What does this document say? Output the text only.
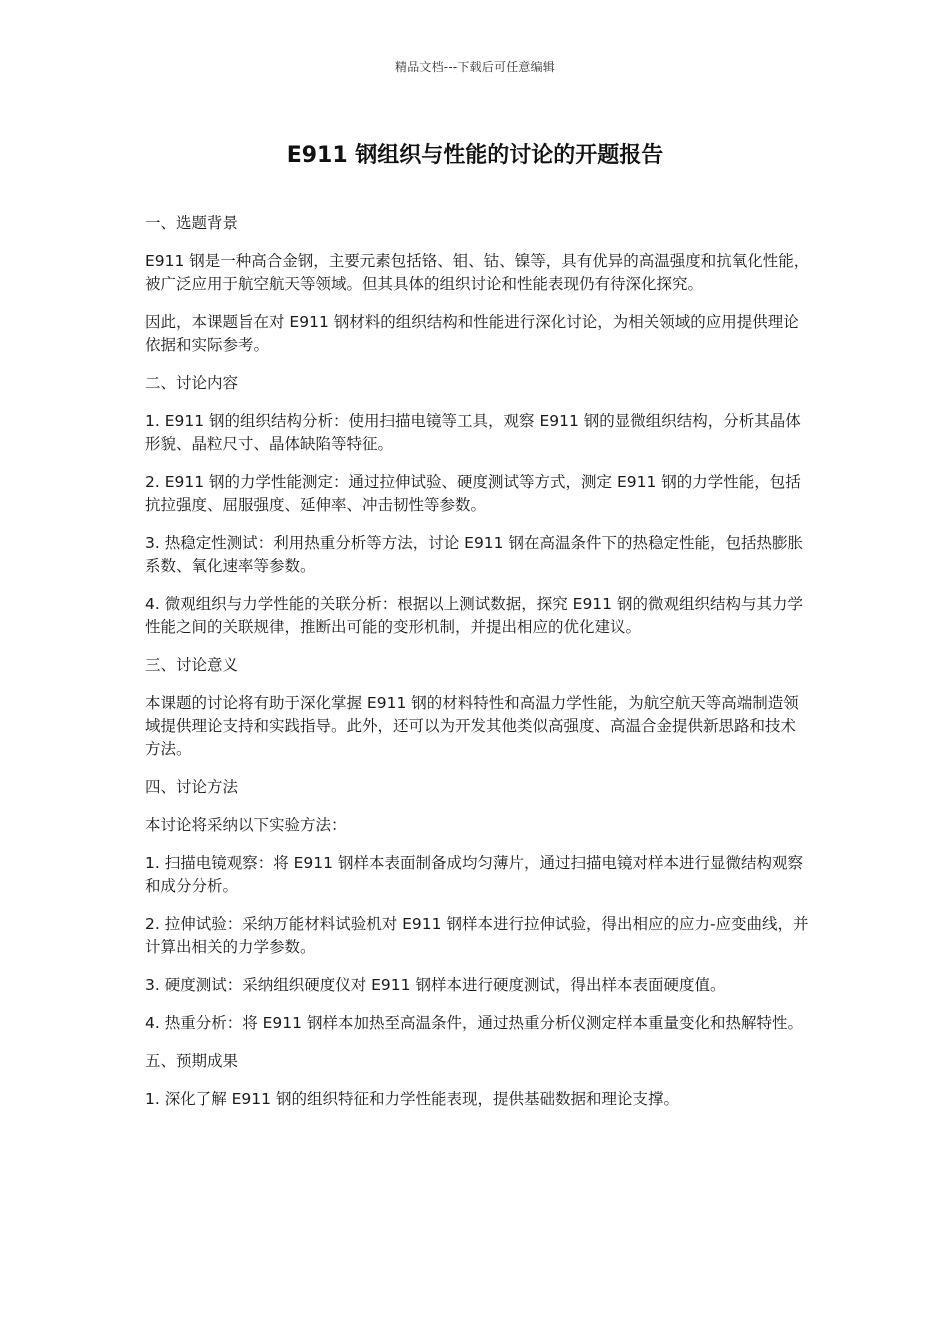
精品文档---下载后可任意编辑
E911 钢组织与性能的讨论的开题报告

一、选题背景

E911 钢是一种高合金钢，主要元素包括铬、钼、钴、镍等，具有优异的高温强度和抗氧化性能，被广泛应用于航空航天等领域。但其具体的组织讨论和性能表现仍有待深化探究。

因此，本课题旨在对 E911 钢材料的组织结构和性能进行深化讨论，为相关领域的应用提供理论依据和实际参考。

二、讨论内容

1. E911 钢的组织结构分析：使用扫描电镜等工具，观察 E911 钢的显微组织结构，分析其晶体形貌、晶粒尺寸、晶体缺陷等特征。

2. E911 钢的力学性能测定：通过拉伸试验、硬度测试等方式，测定 E911 钢的力学性能，包括抗拉强度、屈服强度、延伸率、冲击韧性等参数。

3. 热稳定性测试：利用热重分析等方法，讨论 E911 钢在高温条件下的热稳定性能，包括热膨胀系数、氧化速率等参数。

4. 微观组织与力学性能的关联分析：根据以上测试数据，探究 E911 钢的微观组织结构与其力学性能之间的关联规律，推断出可能的变形机制，并提出相应的优化建议。

三、讨论意义

本课题的讨论将有助于深化掌握 E911 钢的材料特性和高温力学性能，为航空航天等高端制造领域提供理论支持和实践指导。此外，还可以为开发其他类似高强度、高温合金提供新思路和技术方法。

四、讨论方法

本讨论将采纳以下实验方法：

1. 扫描电镜观察：将 E911 钢样本表面制备成均匀薄片，通过扫描电镜对样本进行显微结构观察和成分分析。

2. 拉伸试验：采纳万能材料试验机对 E911 钢样本进行拉伸试验，得出相应的应力-应变曲线，并计算出相关的力学参数。

3. 硬度测试：采纳组织硬度仪对 E911 钢样本进行硬度测试，得出样本表面硬度值。

4. 热重分析：将 E911 钢样本加热至高温条件，通过热重分析仪测定样本重量变化和热解特性。

五、预期成果

1. 深化了解 E911 钢的组织特征和力学性能表现，提供基础数据和理论支撑。
